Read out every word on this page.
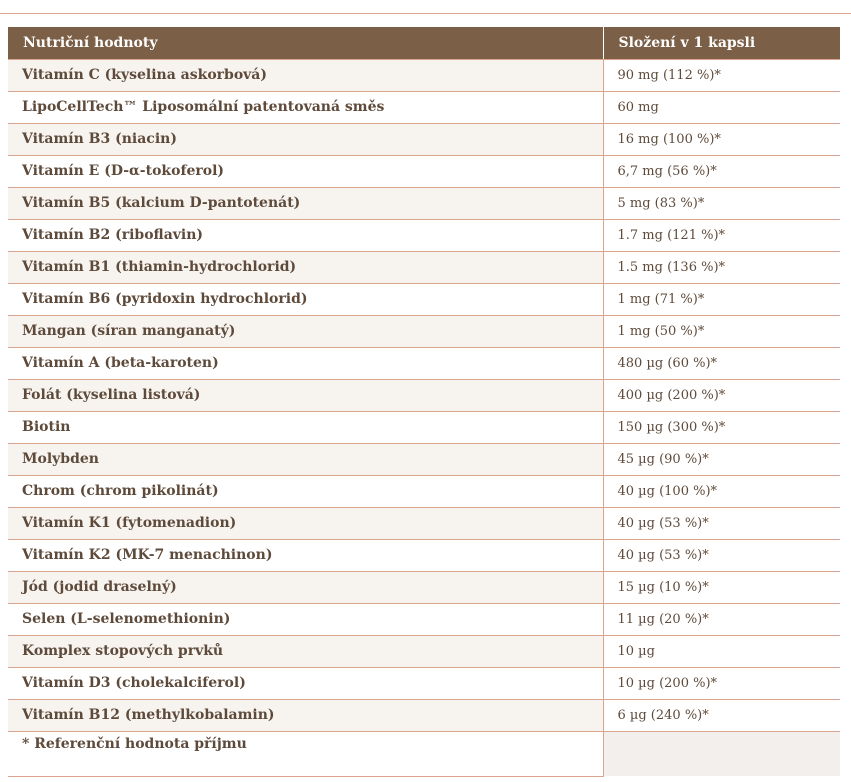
Nutriční hodnoty	Složení v 1 kapsli
Vitamín C (kyselina askorbová)	90 mg (112 %)*
LipoCellTech™ Liposomální patentovaná směs	60 mg
Vitamín B3 (niacin)	16 mg (100 %)*
Vitamín E (D-α-tokoferol)	6,7 mg (56 %)*
Vitamín B5 (kalcium D-pantotenát)	5 mg (83 %)*
Vitamín B2 (riboflavin)	1.7 mg (121 %)*
Vitamín B1 (thiamin-hydrochlorid)	1.5 mg (136 %)*
Vitamín B6 (pyridoxin hydrochlorid)	1 mg (71 %)*
Mangan (síran manganatý)	1 mg (50 %)*
Vitamín A (beta-karoten)	480 µg (60 %)*
Folát (kyselina listová)	400 µg (200 %)*
Biotin	150 µg (300 %)*
Molybden	45 µg (90 %)*
Chrom (chrom pikolinát)	40 µg (100 %)*
Vitamín K1 (fytomenadion)	40 µg (53 %)*
Vitamín K2 (MK-7 menachinon)	40 µg (53 %)*
Jód (jodid draselný)	15 µg (10 %)*
Selen (L-selenomethionin)	11 µg (20 %)*
Komplex stopových prvků	10 µg
Vitamín D3 (cholekalciferol)	10 µg (200 %)*
Vitamín B12 (methylkobalamin)	6 µg (240 %)*
* Referenční hodnota příjmu	
